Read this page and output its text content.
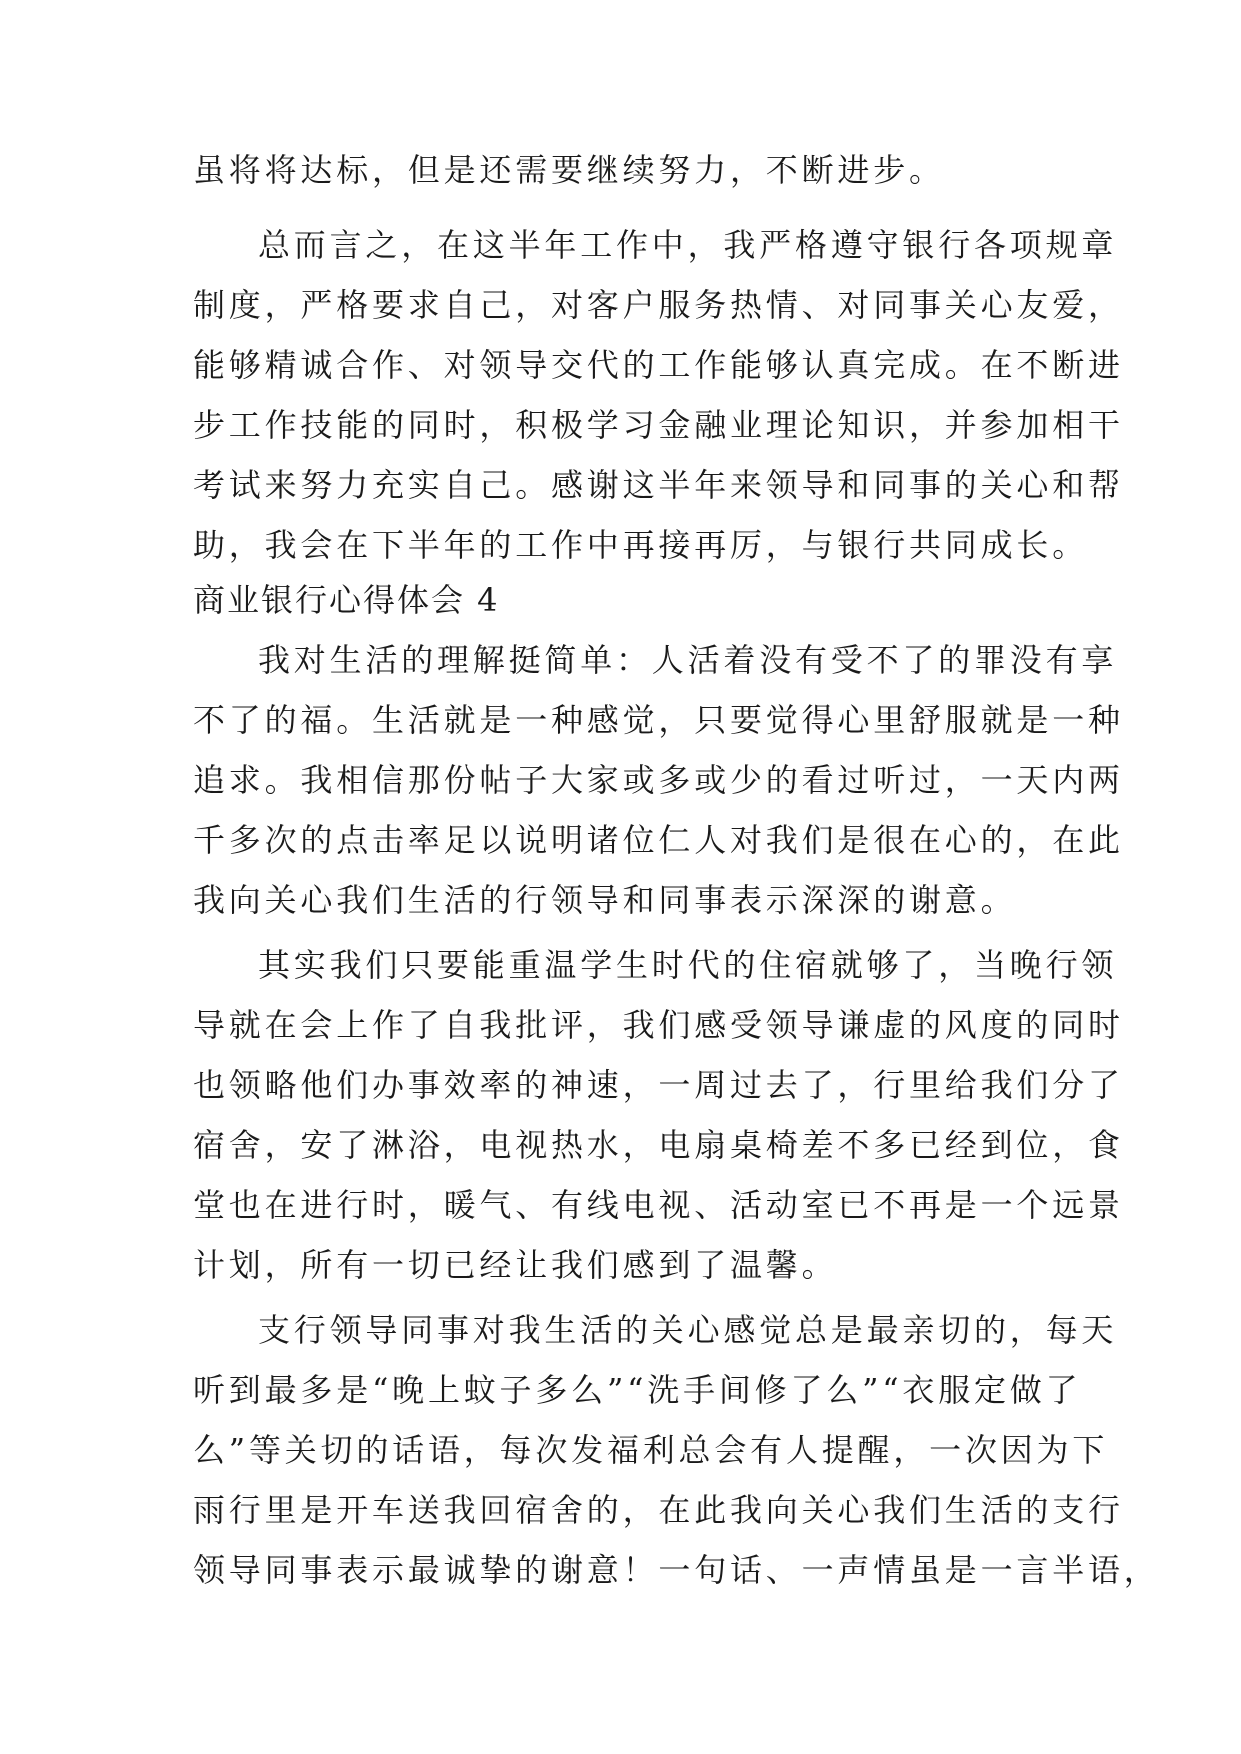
虽将将达标，但是还需要继续努力，不断进步。
总而言之，在这半年工作中，我严格遵守银行各项规章
制度，严格要求自己，对客户服务热情、对同事关心友爱，
能够精诚合作、对领导交代的工作能够认真完成。在不断进
步工作技能的同时，积极学习金融业理论知识，并参加相干
考试来努力充实自己。感谢这半年来领导和同事的关心和帮
助，我会在下半年的工作中再接再厉，与银行共同成长。
商业银行心得体会 4
我对生活的理解挺简单：人活着没有受不了的罪没有享
不了的福。生活就是一种感觉，只要觉得心里舒服就是一种
追求。我相信那份帖子大家或多或少的看过听过，一天内两
千多次的点击率足以说明诸位仁人对我们是很在心的，在此
我向关心我们生活的行领导和同事表示深深的谢意。
其实我们只要能重温学生时代的住宿就够了，当晚行领
导就在会上作了自我批评，我们感受领导谦虚的风度的同时
也领略他们办事效率的神速，一周过去了，行里给我们分了
宿舍，安了淋浴，电视热水，电扇桌椅差不多已经到位，食
堂也在进行时，暖气、有线电视、活动室已不再是一个远景
计划，所有一切已经让我们感到了温馨。
支行领导同事对我生活的关心感觉总是最亲切的，每天
听到最多是“晚上蚊子多么”“洗手间修了么”“衣服定做了
么”等关切的话语，每次发福利总会有人提醒，一次因为下
雨行里是开车送我回宿舍的，在此我向关心我们生活的支行
领导同事表示最诚挚的谢意！一句话、一声情虽是一言半语，
